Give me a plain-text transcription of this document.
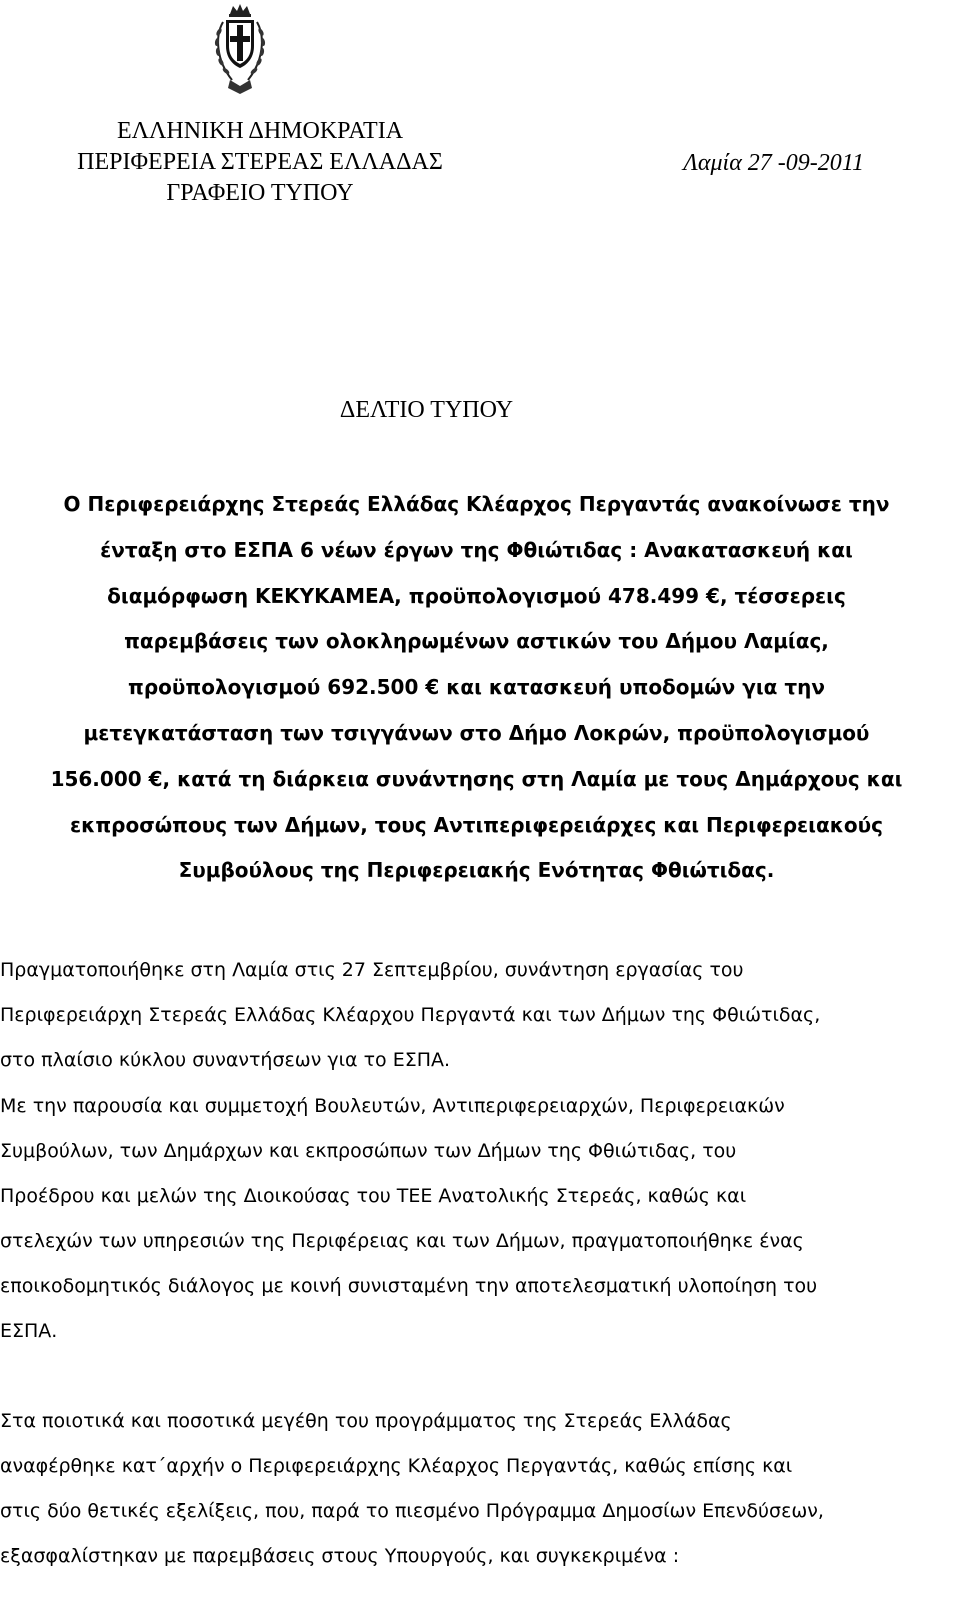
ΕΛΛΗΝΙΚΗ ΔΗΜΟΚΡΑΤΙΑ
ΠΕΡΙΦΕΡΕΙΑ ΣΤΕΡΕΑΣ ΕΛΛΑΔΑΣ
ΓΡΑΦΕΙΟ ΤΥΠΟΥ
Λαμία 27 -09-2011
ΔΕΛΤΙΟ ΤΥΠΟΥ
Ο Περιφερειάρχης Στερεάς Ελλάδας Κλέαρχος Περγαντάς ανακοίνωσε την
ένταξη στο ΕΣΠΑ 6 νέων έργων της Φθιώτιδας : Ανακατασκευή και
διαμόρφωση ΚΕΚΥΚΑΜΕΑ, προϋπολογισμού 478.499 €, τέσσερεις
παρεμβάσεις των ολοκληρωμένων αστικών του Δήμου Λαμίας,
προϋπολογισμού 692.500 € και κατασκευή υποδομών για την
μετεγκατάσταση των τσιγγάνων στο Δήμο Λοκρών, προϋπολογισμού
156.000 €, κατά τη διάρκεια συνάντησης στη Λαμία με τους Δημάρχους και
εκπροσώπους των Δήμων, τους Αντιπεριφερειάρχες και Περιφερειακούς
Συμβούλους της Περιφερειακής Ενότητας Φθιώτιδας.
Πραγματοποιήθηκε στη Λαμία στις 27 Σεπτεμβρίου, συνάντηση εργασίας του
Περιφερειάρχη Στερεάς Ελλάδας Κλέαρχου Περγαντά και των Δήμων της Φθιώτιδας,
στο πλαίσιο κύκλου συναντήσεων για το ΕΣΠΑ.
Με την παρουσία και συμμετοχή Βουλευτών, Αντιπεριφερειαρχών, Περιφερειακών
Συμβούλων, των Δημάρχων και εκπροσώπων των Δήμων της Φθιώτιδας, του
Προέδρου και μελών της Διοικούσας του ΤΕΕ Ανατολικής Στερεάς, καθώς και
στελεχών των υπηρεσιών της Περιφέρειας και των Δήμων, πραγματοποιήθηκε ένας
εποικοδομητικός διάλογος με κοινή συνισταμένη την αποτελεσματική υλοποίηση του
ΕΣΠΑ.
Στα ποιοτικά και ποσοτικά μεγέθη του προγράμματος της Στερεάς Ελλάδας
αναφέρθηκε κατ΄αρχήν ο Περιφερειάρχης Κλέαρχος Περγαντάς, καθώς επίσης και
στις δύο θετικές εξελίξεις, που, παρά το πιεσμένο Πρόγραμμα Δημοσίων Επενδύσεων,
εξασφαλίστηκαν με παρεμβάσεις στους Υπουργούς, και συγκεκριμένα :
